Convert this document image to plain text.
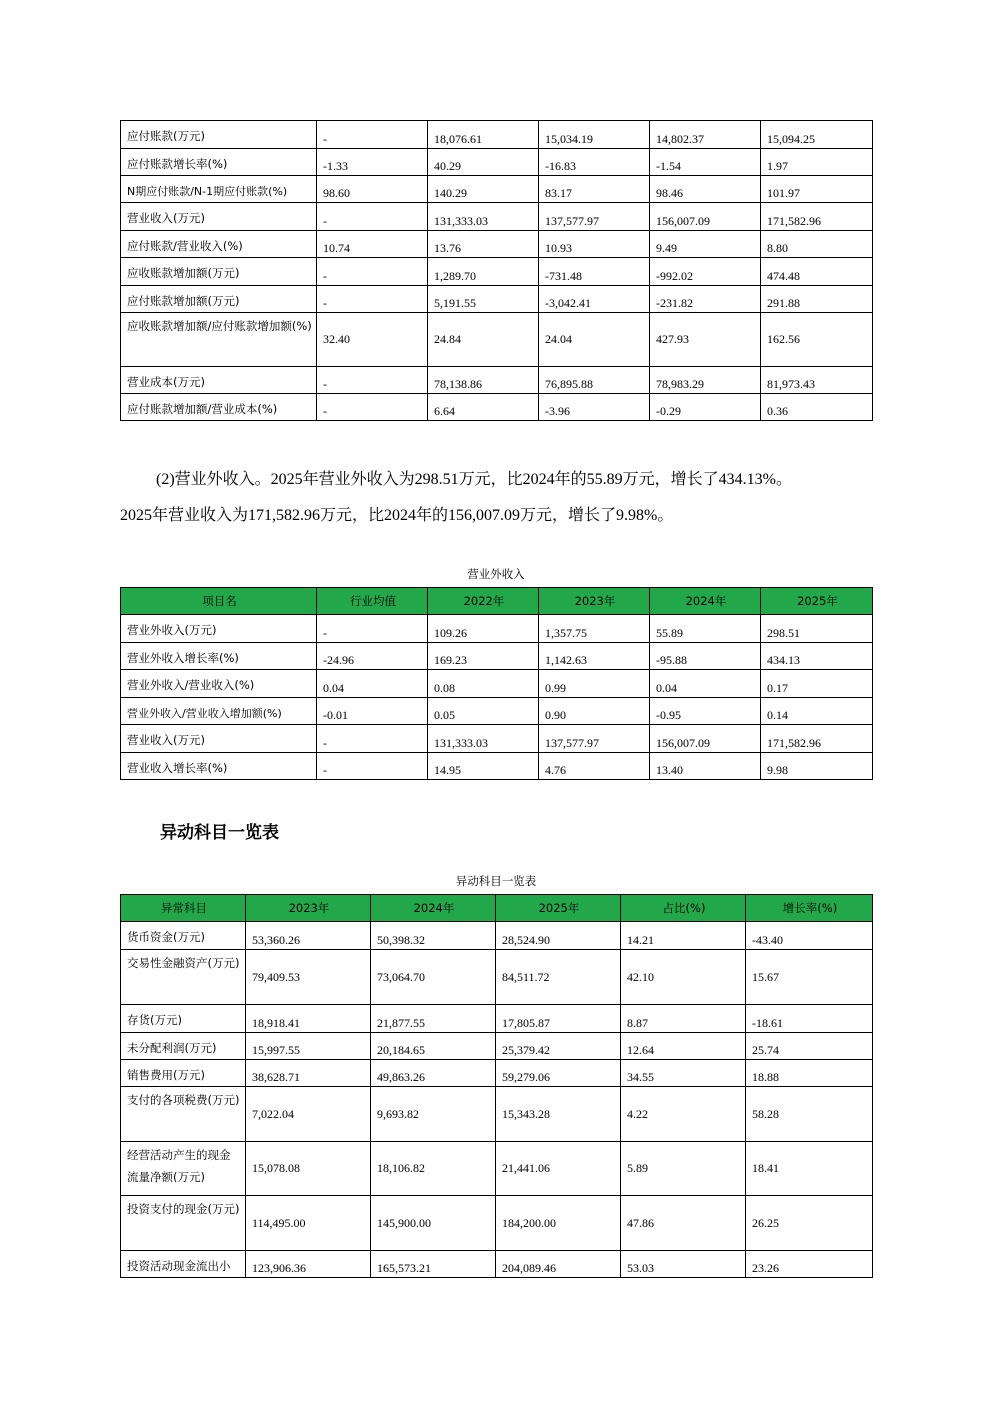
应付账款(万元)	-	18,076.61	15,034.19	14,802.37	15,094.25
应付账款增长率(%)	-1.33	40.29	-16.83	-1.54	1.97
N期应付账款/N-1期应付账款(%)	98.60	140.29	83.17	98.46	101.97
营业收入(万元)	-	131,333.03	137,577.97	156,007.09	171,582.96
应付账款/营业收入(%)	10.74	13.76	10.93	9.49	8.80
应收账款增加额(万元)	-	1,289.70	-731.48	-992.02	474.48
应付账款增加额(万元)	-	5,191.55	-3,042.41	-231.82	291.88
应收账款增加额/应付账款增加额(%)	32.40	24.84	24.04	427.93	162.56
营业成本(万元)	-	78,138.86	76,895.88	78,983.29	81,973.43
应付账款增加额/营业成本(%)	-	6.64	-3.96	-0.29	0.36

(2)营业外收入。2025年营业外收入为298.51万元，比2024年的55.89万元，增长了434.13%。

2025年营业收入为171,582.96万元，比2024年的156,007.09万元，增长了9.98%。

营业外收入
项目名	行业均值	2022年	2023年	2024年	2025年
营业外收入(万元)	-	109.26	1,357.75	55.89	298.51
营业外收入增长率(%)	-24.96	169.23	1,142.63	-95.88	434.13
营业外收入/营业收入(%)	0.04	0.08	0.99	0.04	0.17
营业外收入/营业收入增加额(%)	-0.01	0.05	0.90	-0.95	0.14
营业收入(万元)	-	131,333.03	137,577.97	156,007.09	171,582.96
营业收入增长率(%)	-	14.95	4.76	13.40	9.98
异动科目一览表
异动科目一览表
异常科目	2023年	2024年	2025年	占比(%)	增长率(%)
货币资金(万元)	53,360.26	50,398.32	28,524.90	14.21	-43.40
交易性金融资产(万元)	79,409.53	73,064.70	84,511.72	42.10	15.67
存货(万元)	18,918.41	21,877.55	17,805.87	8.87	-18.61
未分配利润(万元)	15,997.55	20,184.65	25,379.42	12.64	25.74
销售费用(万元)	38,628.71	49,863.26	59,279.06	34.55	18.88
支付的各项税费(万元)	7,022.04	9,693.82	15,343.28	4.22	58.28
经营活动产生的现金流量净额(万元)	15,078.08	18,106.82	21,441.06	5.89	18.41
投资支付的现金(万元)	114,495.00	145,900.00	184,200.00	47.86	26.25
投资活动现金流出小	123,906.36	165,573.21	204,089.46	53.03	23.26
